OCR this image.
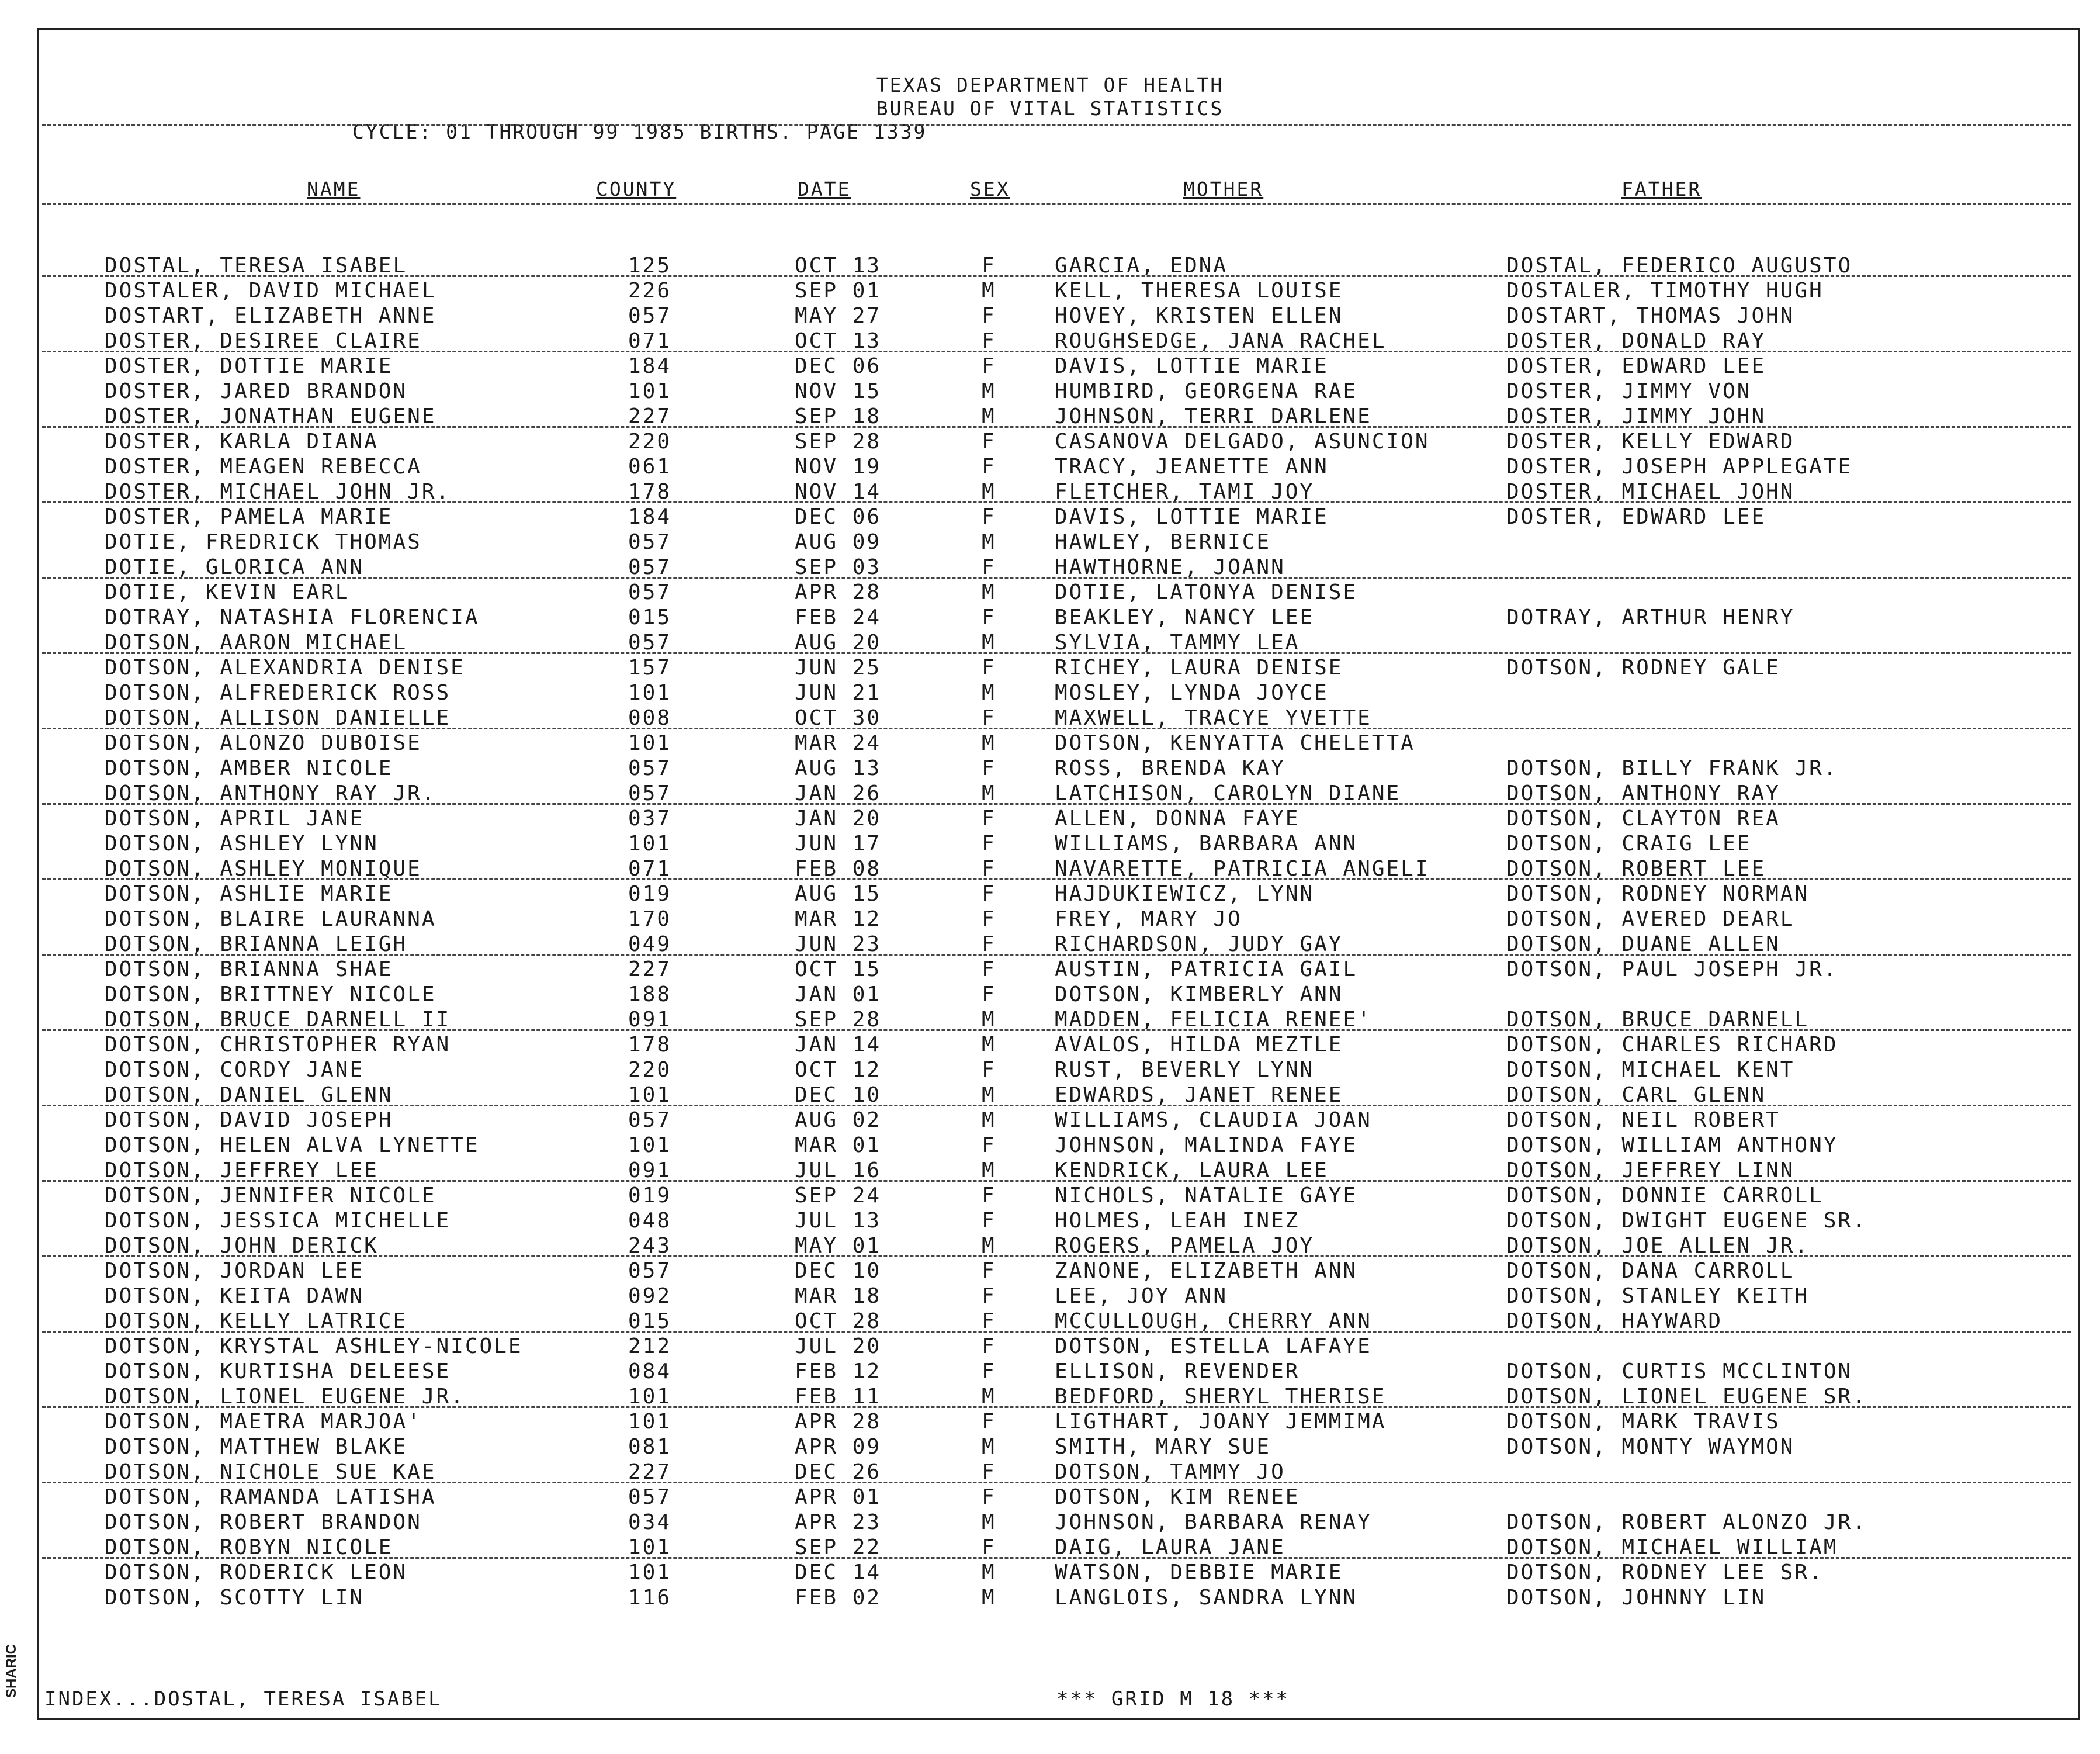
TEXAS DEPARTMENT OF HEALTH
BUREAU OF VITAL STATISTICS
CYCLE: 01 THROUGH 99 1985 BIRTHS. PAGE 1339
NAME	COUNTY	DATE	SEX	MOTHER	FATHER
DOSTAL, TERESA ISABEL	125	OCT 13	F	GARCIA, EDNA	DOSTAL, FEDERICO AUGUSTO
DOSTALER, DAVID MICHAEL	226	SEP 01	M	KELL, THERESA LOUISE	DOSTALER, TIMOTHY HUGH
DOSTART, ELIZABETH ANNE	057	MAY 27	F	HOVEY, KRISTEN ELLEN	DOSTART, THOMAS JOHN
DOSTER, DESIREE CLAIRE	071	OCT 13	F	ROUGHSEDGE, JANA RACHEL	DOSTER, DONALD RAY
DOSTER, DOTTIE MARIE	184	DEC 06	F	DAVIS, LOTTIE MARIE	DOSTER, EDWARD LEE
DOSTER, JARED BRANDON	101	NOV 15	M	HUMBIRD, GEORGENA RAE	DOSTER, JIMMY VON
DOSTER, JONATHAN EUGENE	227	SEP 18	M	JOHNSON, TERRI DARLENE	DOSTER, JIMMY JOHN
DOSTER, KARLA DIANA	220	SEP 28	F	CASANOVA DELGADO, ASUNCION	DOSTER, KELLY EDWARD
DOSTER, MEAGEN REBECCA	061	NOV 19	F	TRACY, JEANETTE ANN	DOSTER, JOSEPH APPLEGATE
DOSTER, MICHAEL JOHN JR.	178	NOV 14	M	FLETCHER, TAMI JOY	DOSTER, MICHAEL JOHN
DOSTER, PAMELA MARIE	184	DEC 06	F	DAVIS, LOTTIE MARIE	DOSTER, EDWARD LEE
DOTIE, FREDRICK THOMAS	057	AUG 09	M	HAWLEY, BERNICE
DOTIE, GLORICA ANN	057	SEP 03	F	HAWTHORNE, JOANN
DOTIE, KEVIN EARL	057	APR 28	M	DOTIE, LATONYA DENISE
DOTRAY, NATASHIA FLORENCIA	015	FEB 24	F	BEAKLEY, NANCY LEE	DOTRAY, ARTHUR HENRY
DOTSON, AARON MICHAEL	057	AUG 20	M	SYLVIA, TAMMY LEA
DOTSON, ALEXANDRIA DENISE	157	JUN 25	F	RICHEY, LAURA DENISE	DOTSON, RODNEY GALE
DOTSON, ALFREDERICK ROSS	101	JUN 21	M	MOSLEY, LYNDA JOYCE
DOTSON, ALLISON DANIELLE	008	OCT 30	F	MAXWELL, TRACYE YVETTE
DOTSON, ALONZO DUBOISE	101	MAR 24	M	DOTSON, KENYATTA CHELETTA
DOTSON, AMBER NICOLE	057	AUG 13	F	ROSS, BRENDA KAY	DOTSON, BILLY FRANK JR.
DOTSON, ANTHONY RAY JR.	057	JAN 26	M	LATCHISON, CAROLYN DIANE	DOTSON, ANTHONY RAY
DOTSON, APRIL JANE	037	JAN 20	F	ALLEN, DONNA FAYE	DOTSON, CLAYTON REA
DOTSON, ASHLEY LYNN	101	JUN 17	F	WILLIAMS, BARBARA ANN	DOTSON, CRAIG LEE
DOTSON, ASHLEY MONIQUE	071	FEB 08	F	NAVARETTE, PATRICIA ANGELI	DOTSON, ROBERT LEE
DOTSON, ASHLIE MARIE	019	AUG 15	F	HAJDUKIEWICZ, LYNN	DOTSON, RODNEY NORMAN
DOTSON, BLAIRE LAURANNA	170	MAR 12	F	FREY, MARY JO	DOTSON, AVERED DEARL
DOTSON, BRIANNA LEIGH	049	JUN 23	F	RICHARDSON, JUDY GAY	DOTSON, DUANE ALLEN
DOTSON, BRIANNA SHAE	227	OCT 15	F	AUSTIN, PATRICIA GAIL	DOTSON, PAUL JOSEPH JR.
DOTSON, BRITTNEY NICOLE	188	JAN 01	F	DOTSON, KIMBERLY ANN
DOTSON, BRUCE DARNELL II	091	SEP 28	M	MADDEN, FELICIA RENEE'	DOTSON, BRUCE DARNELL
DOTSON, CHRISTOPHER RYAN	178	JAN 14	M	AVALOS, HILDA MEZTLE	DOTSON, CHARLES RICHARD
DOTSON, CORDY JANE	220	OCT 12	F	RUST, BEVERLY LYNN	DOTSON, MICHAEL KENT
DOTSON, DANIEL GLENN	101	DEC 10	M	EDWARDS, JANET RENEE	DOTSON, CARL GLENN
DOTSON, DAVID JOSEPH	057	AUG 02	M	WILLIAMS, CLAUDIA JOAN	DOTSON, NEIL ROBERT
DOTSON, HELEN ALVA LYNETTE	101	MAR 01	F	JOHNSON, MALINDA FAYE	DOTSON, WILLIAM ANTHONY
DOTSON, JEFFREY LEE	091	JUL 16	M	KENDRICK, LAURA LEE	DOTSON, JEFFREY LINN
DOTSON, JENNIFER NICOLE	019	SEP 24	F	NICHOLS, NATALIE GAYE	DOTSON, DONNIE CARROLL
DOTSON, JESSICA MICHELLE	048	JUL 13	F	HOLMES, LEAH INEZ	DOTSON, DWIGHT EUGENE SR.
DOTSON, JOHN DERICK	243	MAY 01	M	ROGERS, PAMELA JOY	DOTSON, JOE ALLEN JR.
DOTSON, JORDAN LEE	057	DEC 10	F	ZANONE, ELIZABETH ANN	DOTSON, DANA CARROLL
DOTSON, KEITA DAWN	092	MAR 18	F	LEE, JOY ANN	DOTSON, STANLEY KEITH
DOTSON, KELLY LATRICE	015	OCT 28	F	MCCULLOUGH, CHERRY ANN	DOTSON, HAYWARD
DOTSON, KRYSTAL ASHLEY-NICOLE	212	JUL 20	F	DOTSON, ESTELLA LAFAYE
DOTSON, KURTISHA DELEESE	084	FEB 12	F	ELLISON, REVENDER	DOTSON, CURTIS MCCLINTON
DOTSON, LIONEL EUGENE JR.	101	FEB 11	M	BEDFORD, SHERYL THERISE	DOTSON, LIONEL EUGENE SR.
DOTSON, MAETRA MARJOA'	101	APR 28	F	LIGTHART, JOANY JEMMIMA	DOTSON, MARK TRAVIS
DOTSON, MATTHEW BLAKE	081	APR 09	M	SMITH, MARY SUE	DOTSON, MONTY WAYMON
DOTSON, NICHOLE SUE KAE	227	DEC 26	F	DOTSON, TAMMY JO
DOTSON, RAMANDA LATISHA	057	APR 01	F	DOTSON, KIM RENEE
DOTSON, ROBERT BRANDON	034	APR 23	M	JOHNSON, BARBARA RENAY	DOTSON, ROBERT ALONZO JR.
DOTSON, ROBYN NICOLE	101	SEP 22	F	DAIG, LAURA JANE	DOTSON, MICHAEL WILLIAM
DOTSON, RODERICK LEON	101	DEC 14	M	WATSON, DEBBIE MARIE	DOTSON, RODNEY LEE SR.
DOTSON, SCOTTY LIN	116	FEB 02	M	LANGLOIS, SANDRA LYNN	DOTSON, JOHNNY LIN
INDEX...DOSTAL, TERESA ISABEL	*** GRID M 18 ***
SHARIC
